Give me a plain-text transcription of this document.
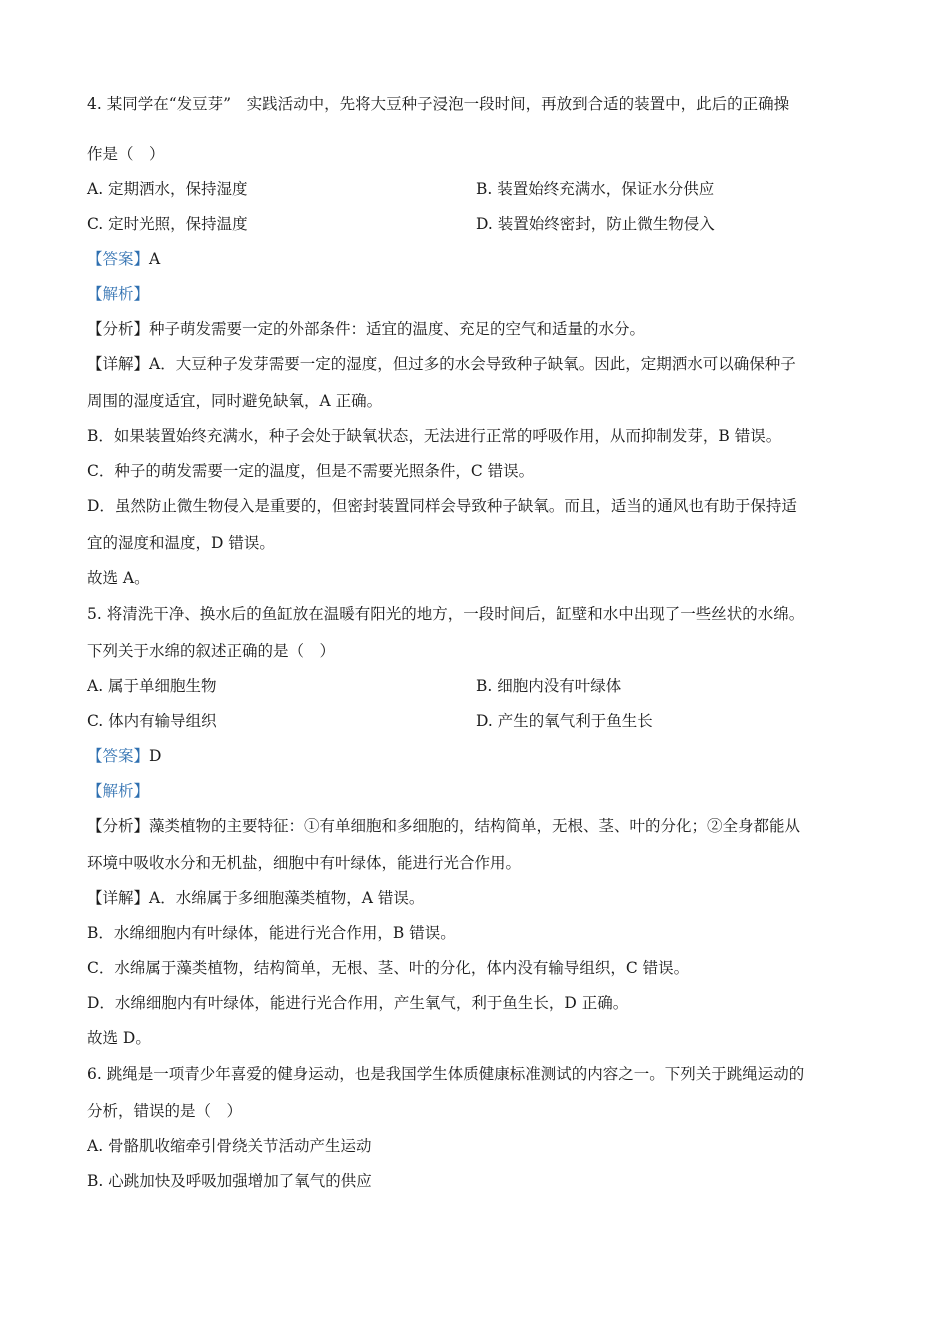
4. 某同学在“发豆芽”　实践活动中，先将大豆种子浸泡一段时间，再放到合适的装置中，此后的正确操
作是（　）
A. 定期洒水，保持湿度	B. 装置始终充满水，保证水分供应
C. 定时光照，保持温度	D. 装置始终密封，防止微生物侵入
【答案】A
【解析】
【分析】种子萌发需要一定的外部条件：适宜的温度、充足的空气和适量的水分。
【详解】A．大豆种子发芽需要一定的湿度，但过多的水会导致种子缺氧。因此，定期洒水可以确保种子
周围的湿度适宜，同时避免缺氧，A 正确。
B．如果装置始终充满水，种子会处于缺氧状态，无法进行正常的呼吸作用，从而抑制发芽，B 错误。
C．种子的萌发需要一定的温度，但是不需要光照条件，C 错误。
D．虽然防止微生物侵入是重要的，但密封装置同样会导致种子缺氧。而且，适当的通风也有助于保持适
宜的湿度和温度，D 错误。
故选 A。
5. 将清洗干净、换水后的鱼缸放在温暖有阳光的地方，一段时间后，缸壁和水中出现了一些丝状的水绵。
下列关于水绵的叙述正确的是（　）
A. 属于单细胞生物	B. 细胞内没有叶绿体
C. 体内有输导组织	D. 产生的氧气利于鱼生长
【答案】D
【解析】
【分析】藻类植物的主要特征：①有单细胞和多细胞的，结构简单，无根、茎、叶的分化；②全身都能从
环境中吸收水分和无机盐，细胞中有叶绿体，能进行光合作用。
【详解】A．水绵属于多细胞藻类植物，A 错误。
B．水绵细胞内有叶绿体，能进行光合作用，B 错误。
C．水绵属于藻类植物，结构简单，无根、茎、叶的分化，体内没有输导组织，C 错误。
D．水绵细胞内有叶绿体，能进行光合作用，产生氧气，利于鱼生长，D 正确。
故选 D。
6. 跳绳是一项青少年喜爱的健身运动，也是我国学生体质健康标准测试的内容之一。下列关于跳绳运动的
分析，错误的是（　）
A. 骨骼肌收缩牵引骨绕关节活动产生运动
B. 心跳加快及呼吸加强增加了氧气的供应
